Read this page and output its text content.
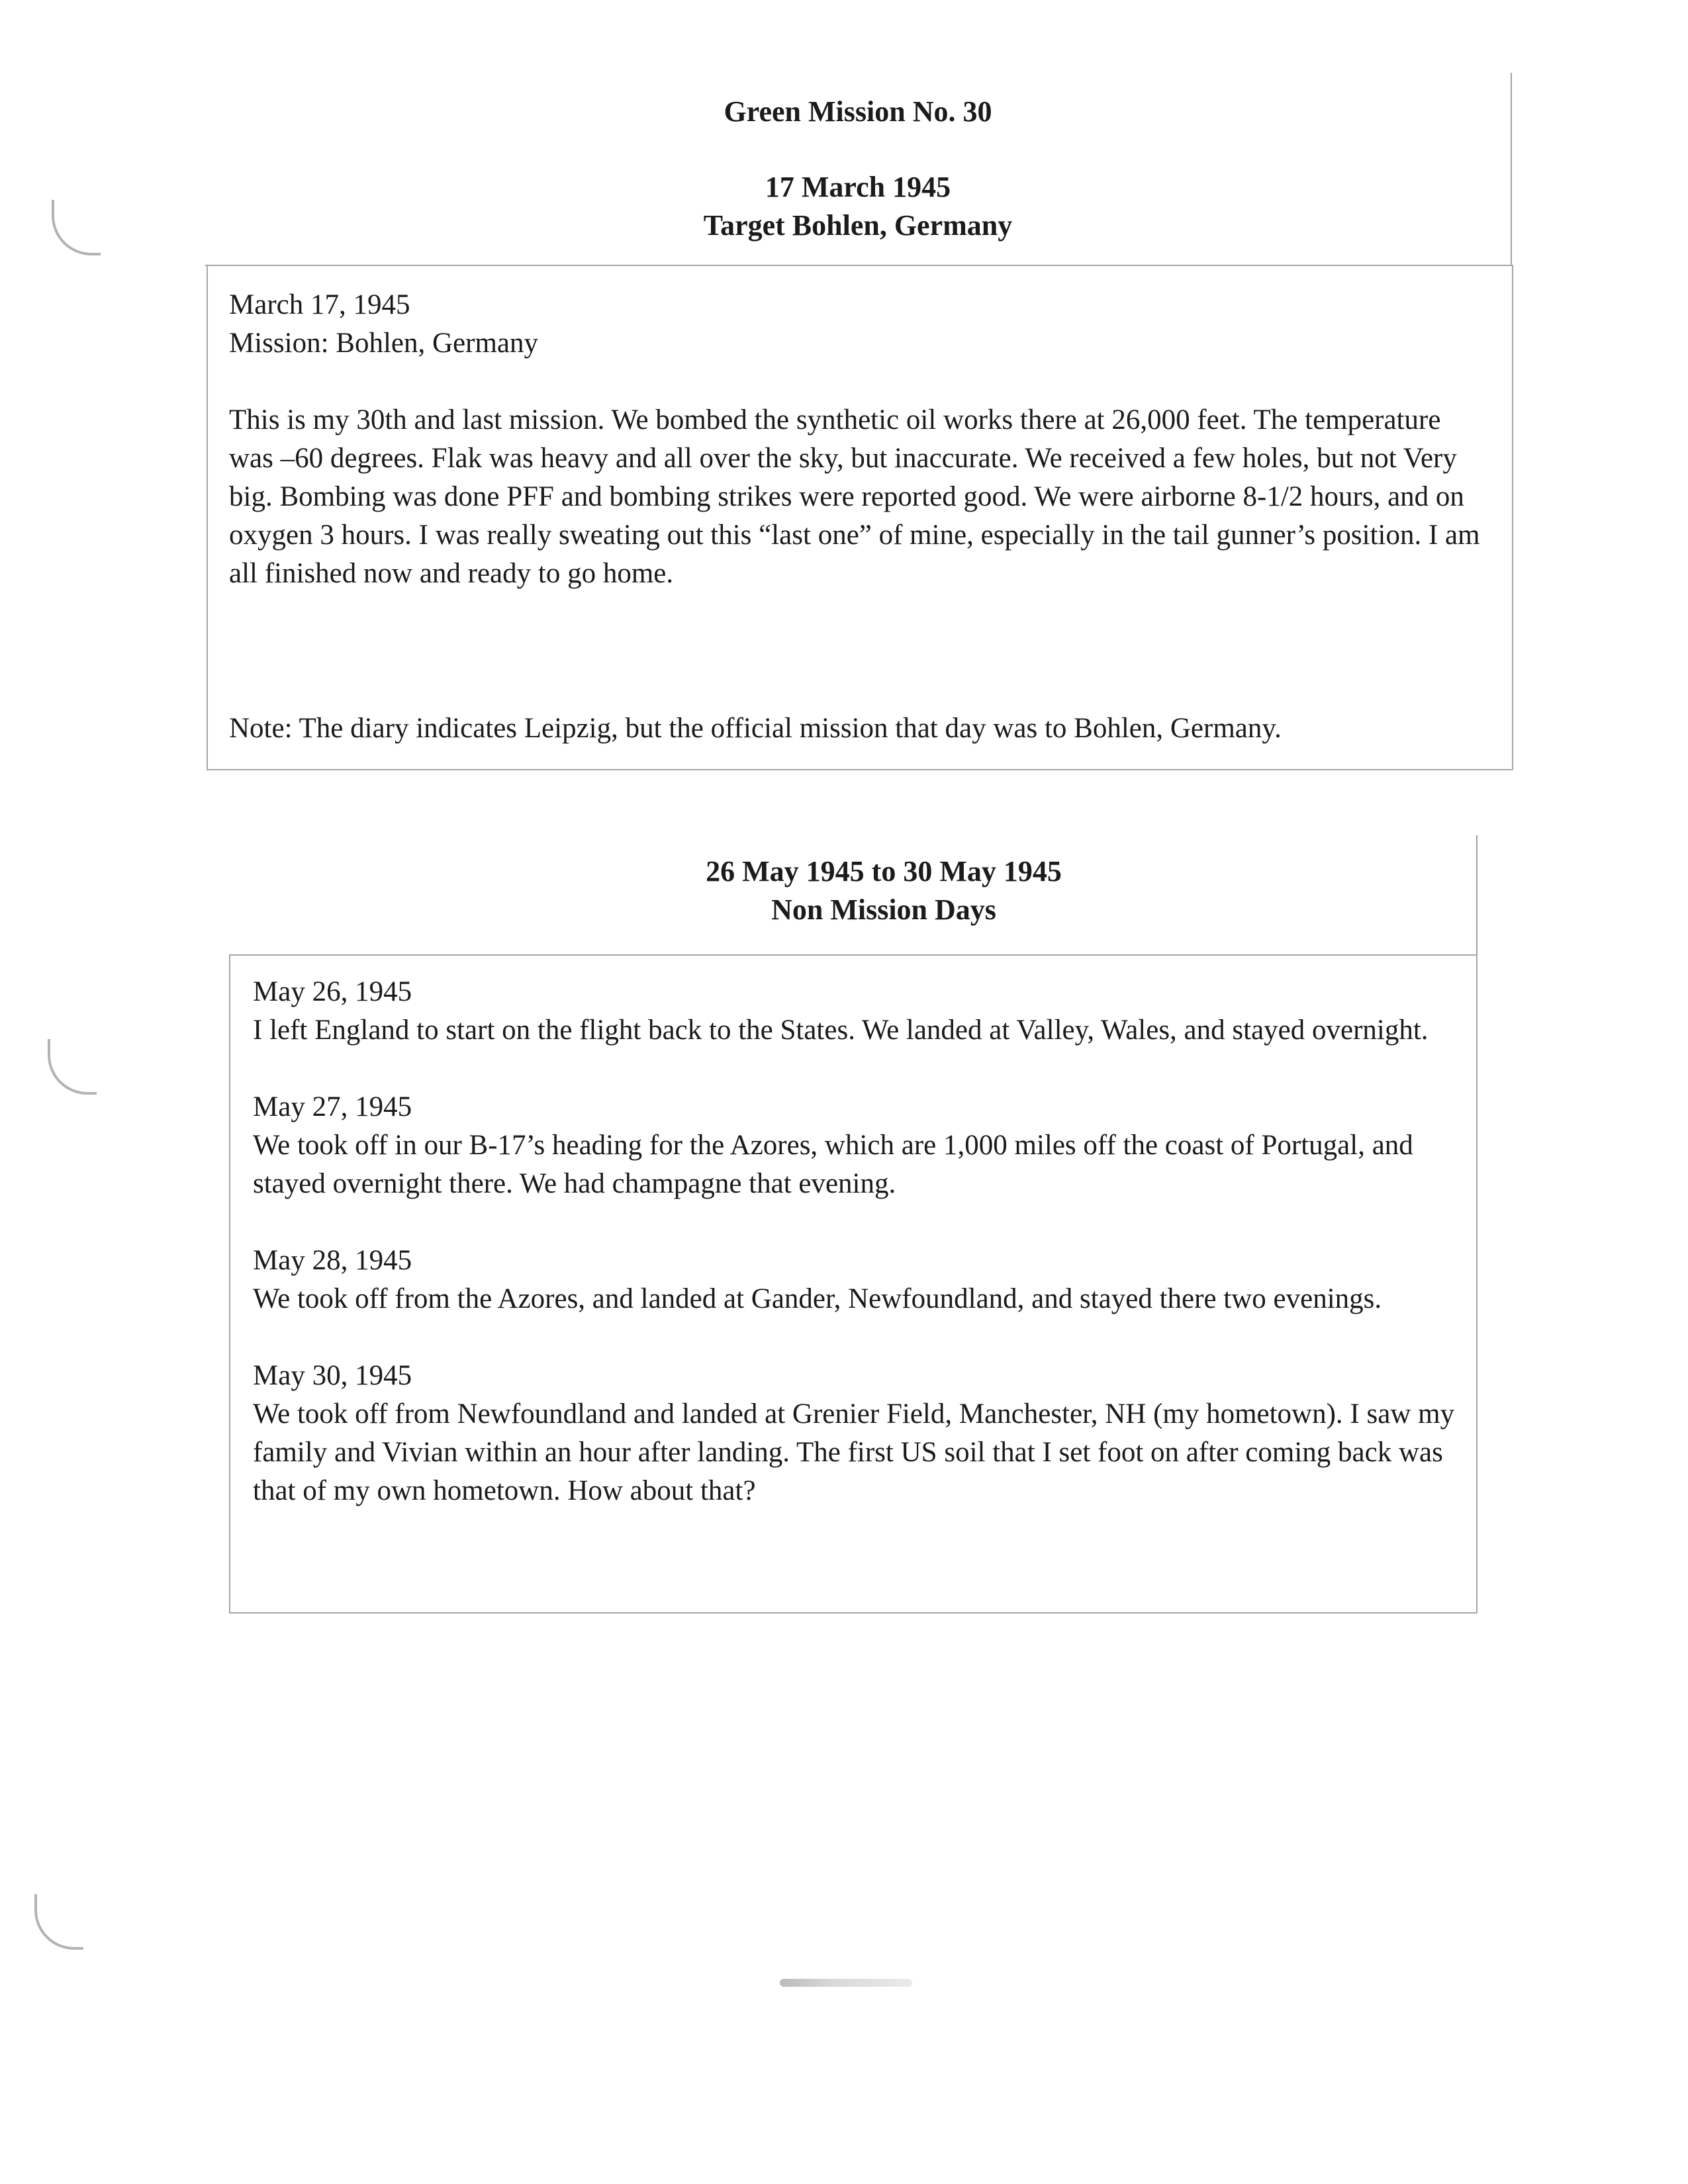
Green Mission No. 30
17 March 1945
Target Bohlen, Germany
March 17, 1945
Mission: Bohlen, Germany

This is my 30th and last mission. We bombed the synthetic oil works there at 26,000 feet. The temperature was –60 degrees. Flak was heavy and all over the sky, but inaccurate. We received a few holes, but not Very big. Bombing was done PFF and bombing strikes were reported good. We were airborne 8-1/2 hours, and on oxygen 3 hours. I was really sweating out this “last one” of mine, especially in the tail gunner’s position. I am all finished now and ready to go home.

Note: The diary indicates Leipzig, but the official mission that day was to Bohlen, Germany.
26 May 1945 to 30 May 1945
Non Mission Days
May 26, 1945
I left England to start on the flight back to the States. We landed at Valley, Wales, and stayed overnight.
May 27, 1945
We took off in our B-17’s heading for the Azores, which are 1,000 miles off the coast of Portugal, and stayed overnight there. We had champagne that evening.
May 28, 1945
We took off from the Azores, and landed at Gander, Newfoundland, and stayed there two evenings.
May 30, 1945
We took off from Newfoundland and landed at Grenier Field, Manchester, NH (my hometown). I saw my family and Vivian within an hour after landing. The first US soil that I set foot on after coming back was that of my own hometown. How about that?
